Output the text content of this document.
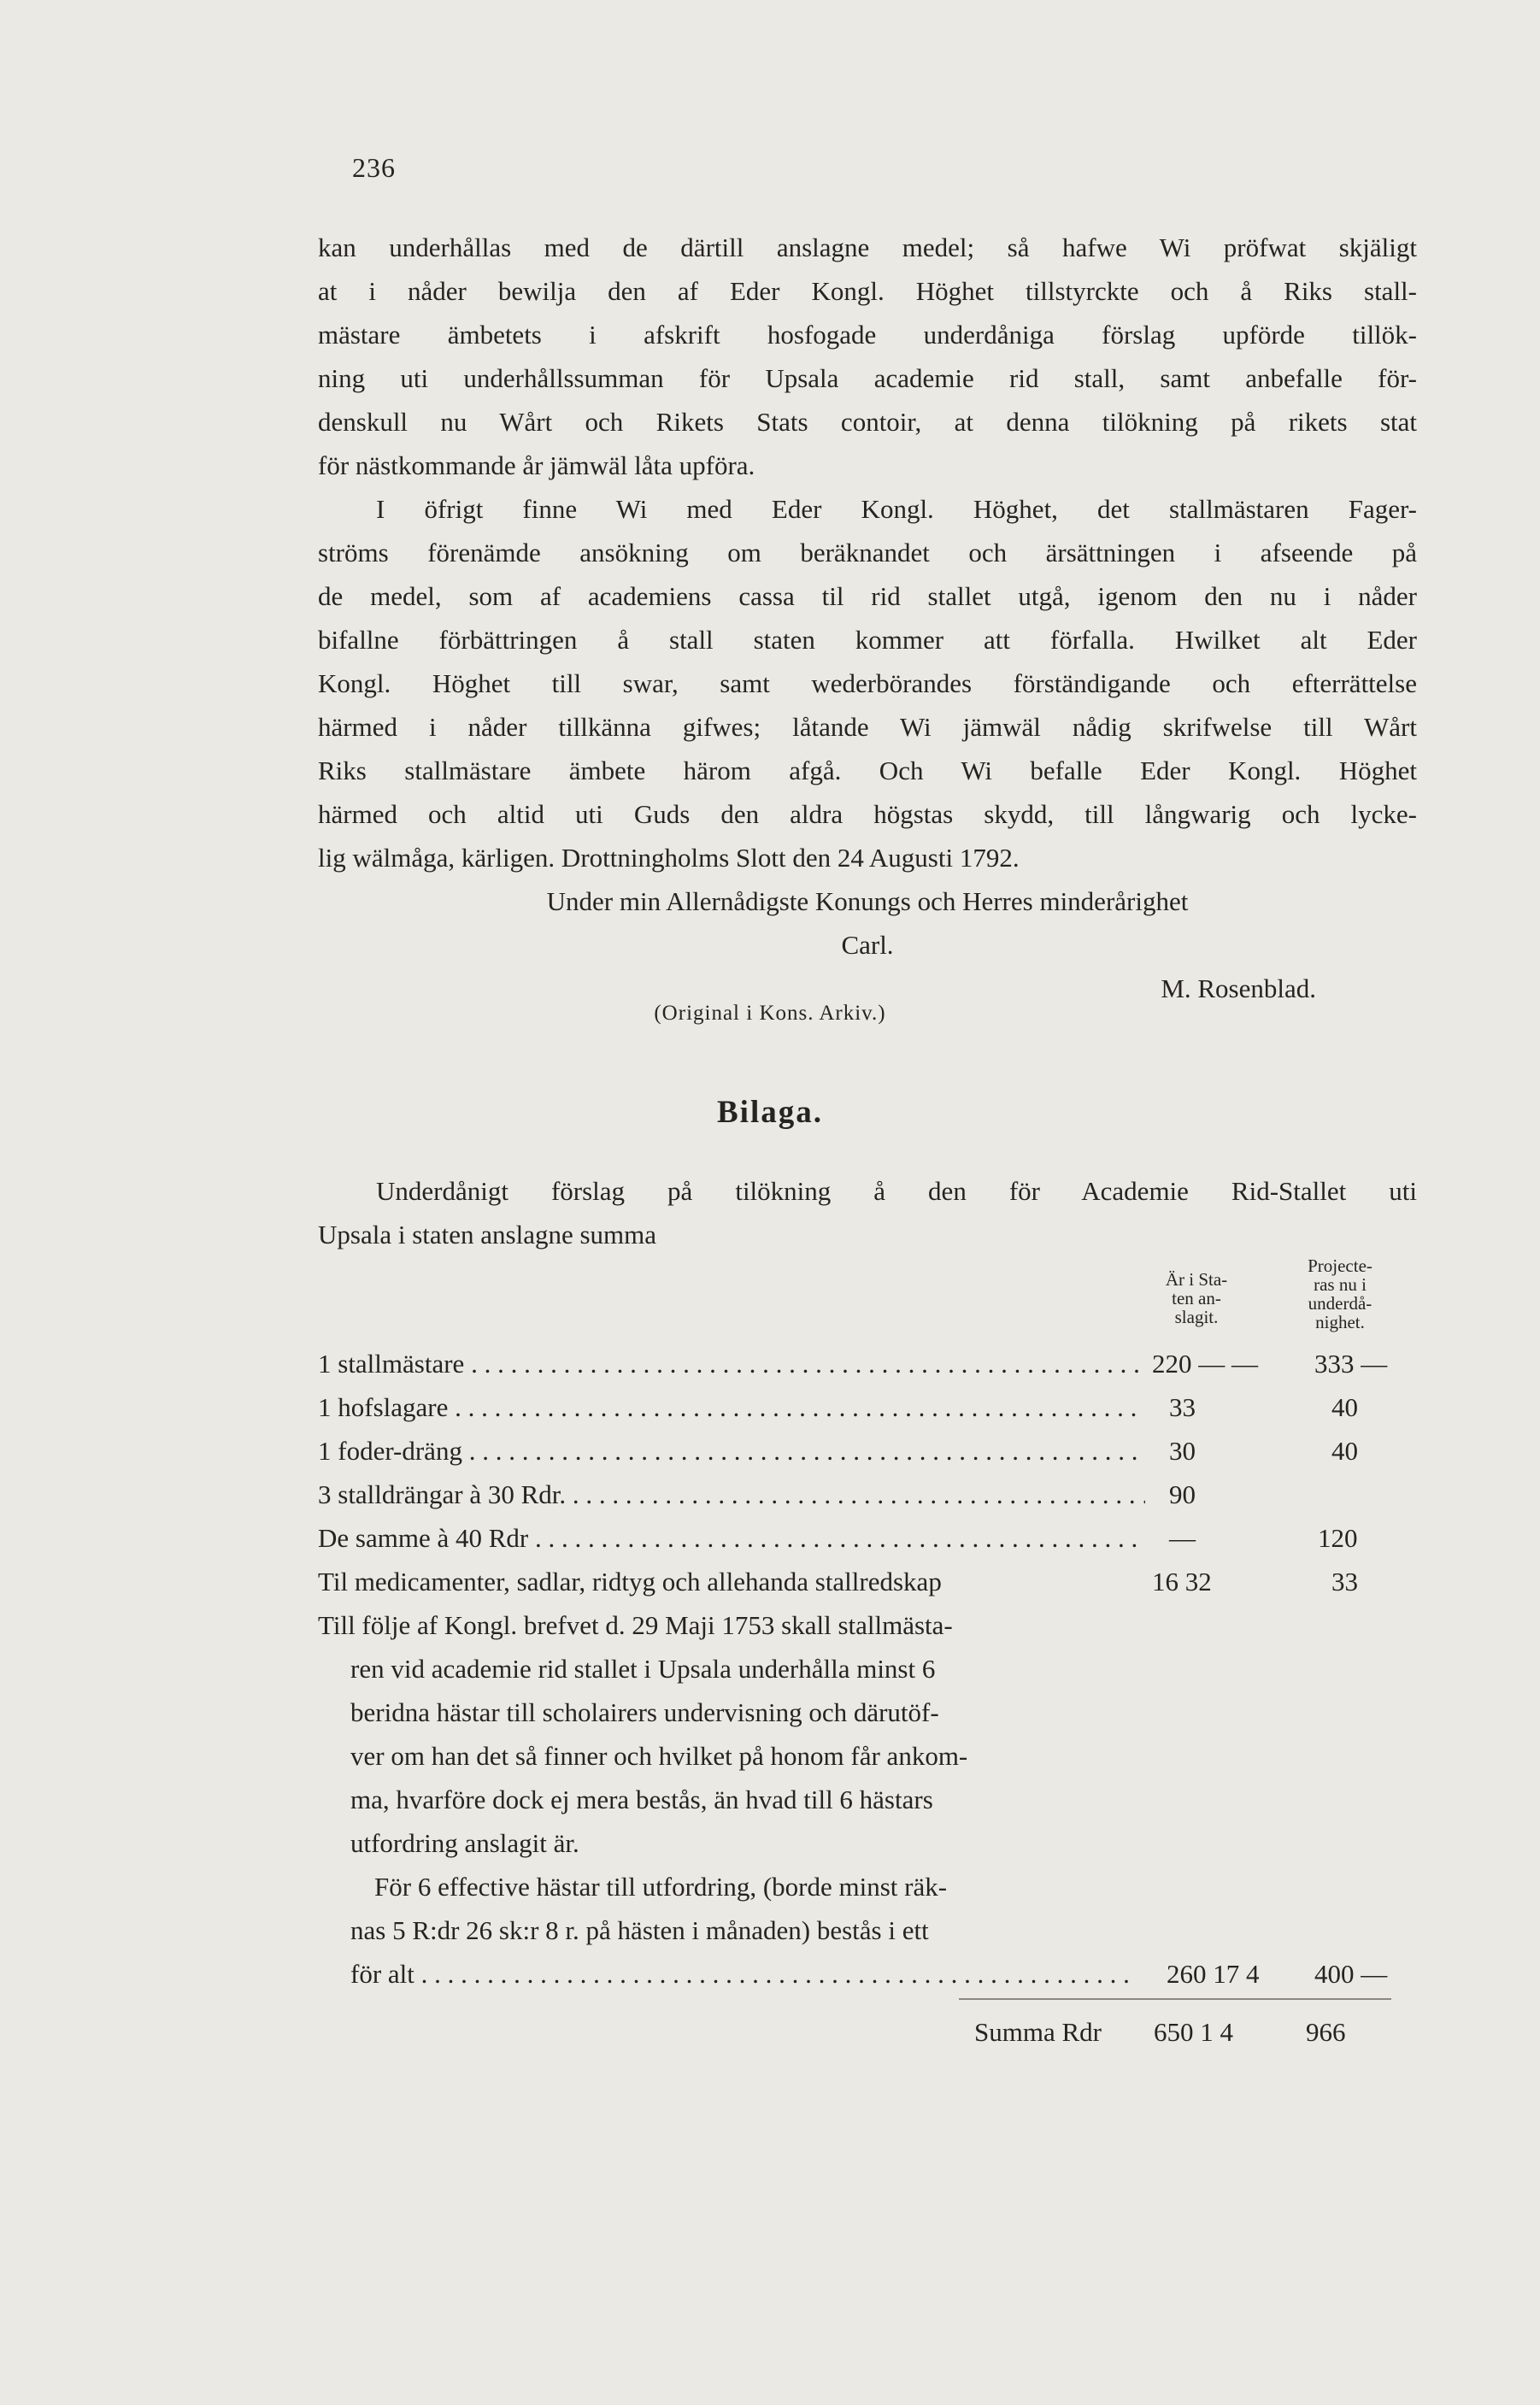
236
kan underhållas med de därtill anslagne medel; så hafwe Wi pröfwat skjäligt
at i nåder bewilja den af Eder Kongl. Höghet tillstyrckte och å Riks stall-
mästare ämbetets i afskrift hosfogade underdåniga förslag upförde tillök-
ning uti underhållssumman för Upsala academie rid stall, samt anbefalle för-
denskull nu Wårt och Rikets Stats contoir, at denna tilökning på rikets stat
för nästkommande år jämwäl låta upföra.
I öfrigt finne Wi med Eder Kongl. Höghet, det stallmästaren Fager-
ströms förenämde ansökning om beräknandet och ärsättningen i afseende på
de medel, som af academiens cassa til rid stallet utgå, igenom den nu i nåder
bifallne förbättringen å stall staten kommer att förfalla. Hwilket alt Eder
Kongl. Höghet till swar, samt wederbörandes förständigande och efterrättelse
härmed i nåder tillkänna gifwes; låtande Wi jämwäl nådig skrifwelse till Wårt
Riks stallmästare ämbete härom afgå. Och Wi befalle Eder Kongl. Höghet
härmed och altid uti Guds den aldra högstas skydd, till långwarig och lycke-
lig wälmåga, kärligen. Drottningholms Slott den 24 Augusti 1792.
Under min Allernådigste Konungs och Herres minderårighet
Carl.
M. Rosenblad.
(Original i Kons. Arkiv.)
Bilaga.
Underdånigt förslag på tilökning å den för Academie Rid-Stallet uti
Upsala i staten anslagne summa
Är i Sta-
ten an-
slagit.
Projecte-
ras nu i
underdå-
nighet.
1 stallmästare . . .	220 — —	333 —
1 hofslagare . . .	33	40
1 foder-dräng . . .	30	40
3 stalldrängar à 30 Rdr. . . .	90
De samme à 40 Rdr . . .	—	120
Til medicamenter, sadlar, ridtyg och allehanda stallredskap	16 32	33
Till följe af Kongl. brefvet d. 29 Maji 1753 skall stallmästa-
ren vid academie rid stallet i Upsala underhålla minst 6
beridna hästar till scholairers undervisning och därutöf-
ver om han det så finner och hvilket på honom får ankom-
ma, hvarföre dock ej mera bestås, än hvad till 6 hästars
utfordring anslagit är.
För 6 effective hästar till utfordring, (borde minst räk-
nas 5 R:dr 26 sk:r 8 r. på hästen i månaden) bestås i ett
för alt . . .	260 17 4	400 —
Summa Rdr 650 1 4	966
